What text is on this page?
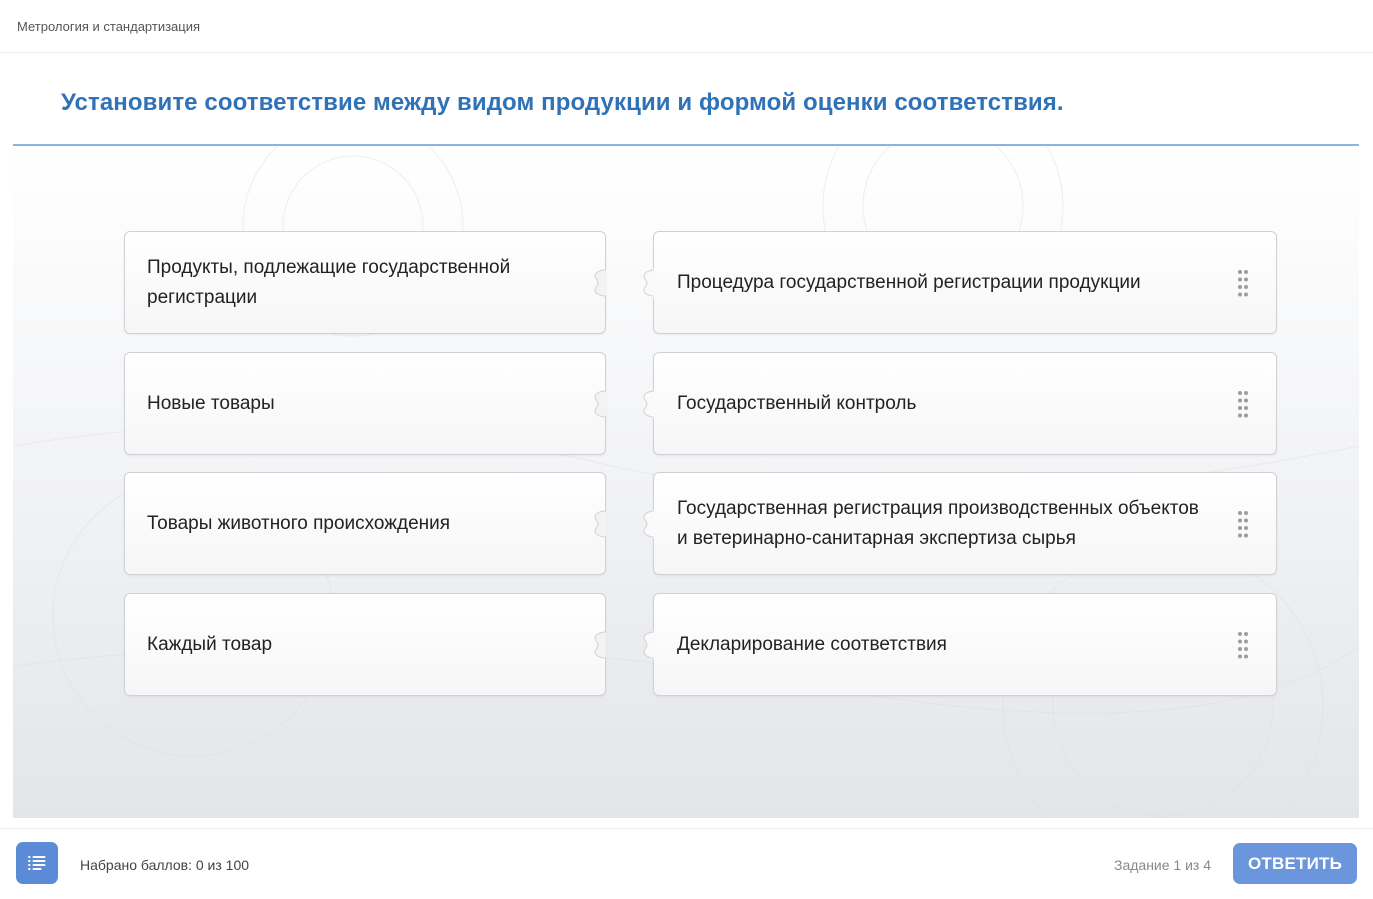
Метрология и стандартизация
Установите соответствие между видом продукции и формой оценки соответствия.
Продукты, подлежащие государственной регистрации
Новые товары
Товары животного происхождения
Каждый товар
Процедура государственной регистрации продукции
Государственный контроль
Государственная регистрация производственных объектов и ветеринарно-санитарная экспертиза сырья
Декларирование соответствия
Набрано баллов: 0 из 100	Задание 1 из 4	ОТВЕТИТЬ
